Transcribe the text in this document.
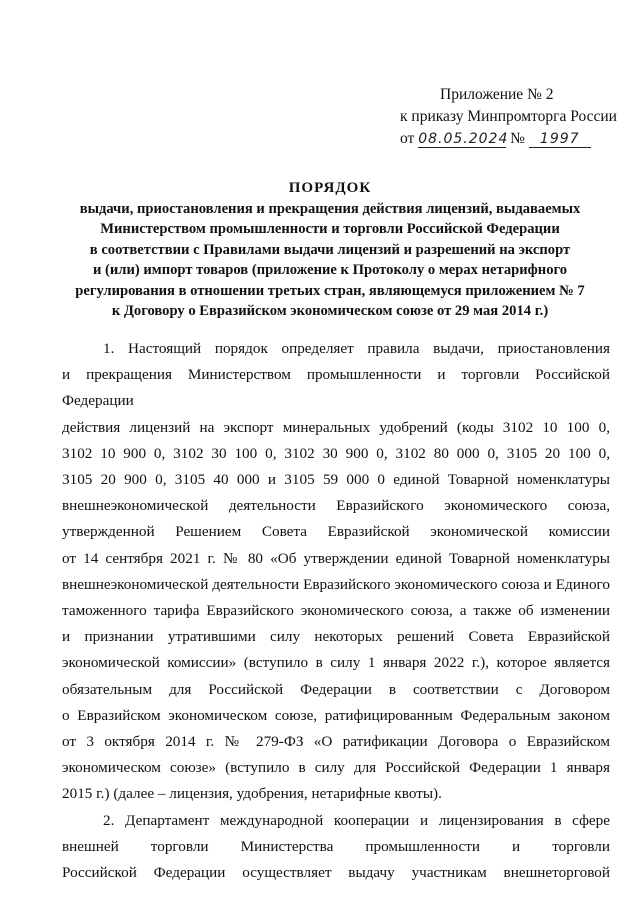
Приложение № 2
к приказу Минпромторга России
от 08.05.2024 № 1997
ПОРЯДОК
выдачи, приостановления и прекращения действия лицензий, выдаваемых
Министерством промышленности и торговли Российской Федерации
в соответствии с Правилами выдачи лицензий и разрешений на экспорт
и (или) импорт товаров (приложение к Протоколу о мерах нетарифного
регулирования в отношении третьих стран, являющемуся приложением № 7
к Договору о Евразийском экономическом союзе от 29 мая 2014 г.)

1. Настоящий порядок определяет правила выдачи, приостановления

и прекращения Министерством промышленности и торговли Российской Федерации

действия лицензий на экспорт минеральных удобрений (коды 3102 10 100 0,

3102 10 900 0, 3102 30 100 0, 3102 30 900 0, 3102 80 000 0, 3105 20 100 0,

3105 20 900 0, 3105 40 000 и 3105 59 000 0 единой Товарной номенклатуры

внешнеэкономической деятельности Евразийского экономического союза,

утвержденной Решением Совета Евразийской экономической комиссии

от 14 сентября 2021 г. № 80 «Об утверждении единой Товарной номенклатуры

внешнеэкономической деятельности Евразийского экономического союза и Единого

таможенного тарифа Евразийского экономического союза, а также об изменении

и признании утратившими силу некоторых решений Совета Евразийской

экономической комиссии» (вступило в силу 1 января 2022 г.), которое является

обязательным для Российской Федерации в соответствии с Договором

о Евразийском экономическом союзе, ратифицированным Федеральным законом

от 3 октября 2014 г. № 279-ФЗ «О ратификации Договора о Евразийском

экономическом союзе» (вступило в силу для Российской Федерации 1 января

2015 г.) (далее – лицензия, удобрения, нетарифные квоты).

2. Департамент международной кооперации и лицензирования в сфере

внешней торговли Министерства промышленности и торговли

Российской Федерации осуществляет выдачу участникам внешнеторговой
